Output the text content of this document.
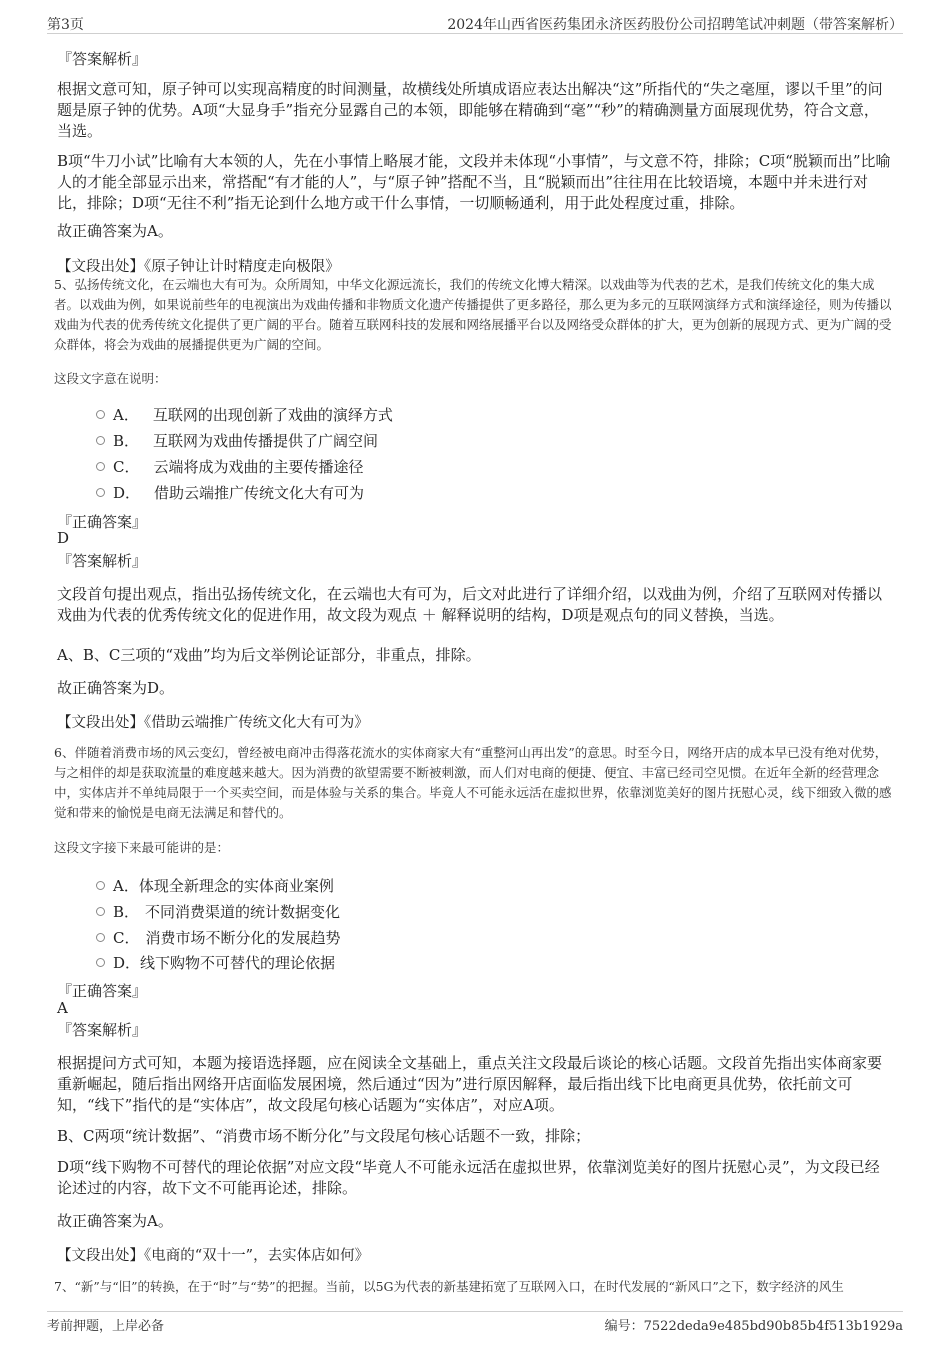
第3页	2024年山西省医药集团永济医药股份公司招聘笔试冲刺题（带答案解析）
『答案解析』
根据文意可知，原子钟可以实现高精度的时间测量，故横线处所填成语应表达出解决“这”所指代的“失之毫厘，谬以千里”的问题是原子钟的优势。A项“大显身手”指充分显露自己的本领，即能够在精确到“毫”“秒”的精确测量方面展现优势，符合文意，当选。
B项“牛刀小试”比喻有大本领的人，先在小事情上略展才能，文段并未体现“小事情”，与文意不符，排除；C项“脱颖而出”比喻人的才能全部显示出来，常搭配“有才能的人”，与“原子钟”搭配不当，且“脱颖而出”往往用在比较语境，本题中并未进行对比，排除；D项“无往不利”指无论到什么地方或干什么事情，一切顺畅通利，用于此处程度过重，排除。
故正确答案为A。
【文段出处】《原子钟让计时精度走向极限》
5、弘扬传统文化，在云端也大有可为。众所周知，中华文化源远流长，我们的传统文化博大精深。以戏曲等为代表的艺术，是我们传统文化的集大成者。以戏曲为例，如果说前些年的电视演出为戏曲传播和非物质文化遗产传播提供了更多路径，那么更为多元的互联网演绎方式和演绎途径，则为传播以戏曲为代表的优秀传统文化提供了更广阔的平台。随着互联网科技的发展和网络展播平台以及网络受众群体的扩大，更为创新的展现方式、更为广阔的受众群体，将会为戏曲的展播提供更为广阔的空间。
这段文字意在说明：
A． 互联网的出现创新了戏曲的演绎方式
B． 互联网为戏曲传播提供了广阔空间
C． 云端将成为戏曲的主要传播途径
D． 借助云端推广传统文化大有可为
『正确答案』
D
『答案解析』
文段首句提出观点，指出弘扬传统文化，在云端也大有可为，后文对此进行了详细介绍，以戏曲为例，介绍了互联网对传播以戏曲为代表的优秀传统文化的促进作用，故文段为观点 ＋ 解释说明的结构，D项是观点句的同义替换，当选。
A、B、C三项的“戏曲”均为后文举例论证部分，非重点，排除。
故正确答案为D。
【文段出处】《借助云端推广传统文化大有可为》
6、伴随着消费市场的风云变幻，曾经被电商冲击得落花流水的实体商家大有“重整河山再出发”的意思。时至今日，网络开店的成本早已没有绝对优势，与之相伴的却是获取流量的难度越来越大。因为消费的欲望需要不断被刺激，而人们对电商的便捷、便宜、丰富已经司空见惯。在近年全新的经营理念中，实体店并不单纯局限于一个买卖空间，而是体验与关系的集合。毕竟人不可能永远活在虚拟世界，依靠浏览美好的图片抚慰心灵，线下细致入微的感觉和带来的愉悦是电商无法满足和替代的。
这段文字接下来最可能讲的是：
A． 体现全新理念的实体商业案例
B． 不同消费渠道的统计数据变化
C． 消费市场不断分化的发展趋势
D． 线下购物不可替代的理论依据
『正确答案』
A
『答案解析』
根据提问方式可知，本题为接语选择题，应在阅读全文基础上，重点关注文段最后谈论的核心话题。文段首先指出实体商家要重新崛起，随后指出网络开店面临发展困境，然后通过“因为”进行原因解释，最后指出线下比电商更具优势，依托前文可知，“线下”指代的是“实体店”，故文段尾句核心话题为“实体店”，对应A项。
B、C两项“统计数据”、“消费市场不断分化”与文段尾句核心话题不一致，排除；
D项“线下购物不可替代的理论依据”对应文段“毕竟人不可能永远活在虚拟世界，依靠浏览美好的图片抚慰心灵”，为文段已经论述过的内容，故下文不可能再论述，排除。
故正确答案为A。
【文段出处】《电商的“双十一”，去实体店如何》
7、“新”与“旧”的转换，在于“时”与“势”的把握。当前，以5G为代表的新基建拓宽了互联网入口，在时代发展的“新风口”之下，数字经济的风生
考前押题，上岸必备	编号：7522deda9e485bd90b85b4f513b1929a
